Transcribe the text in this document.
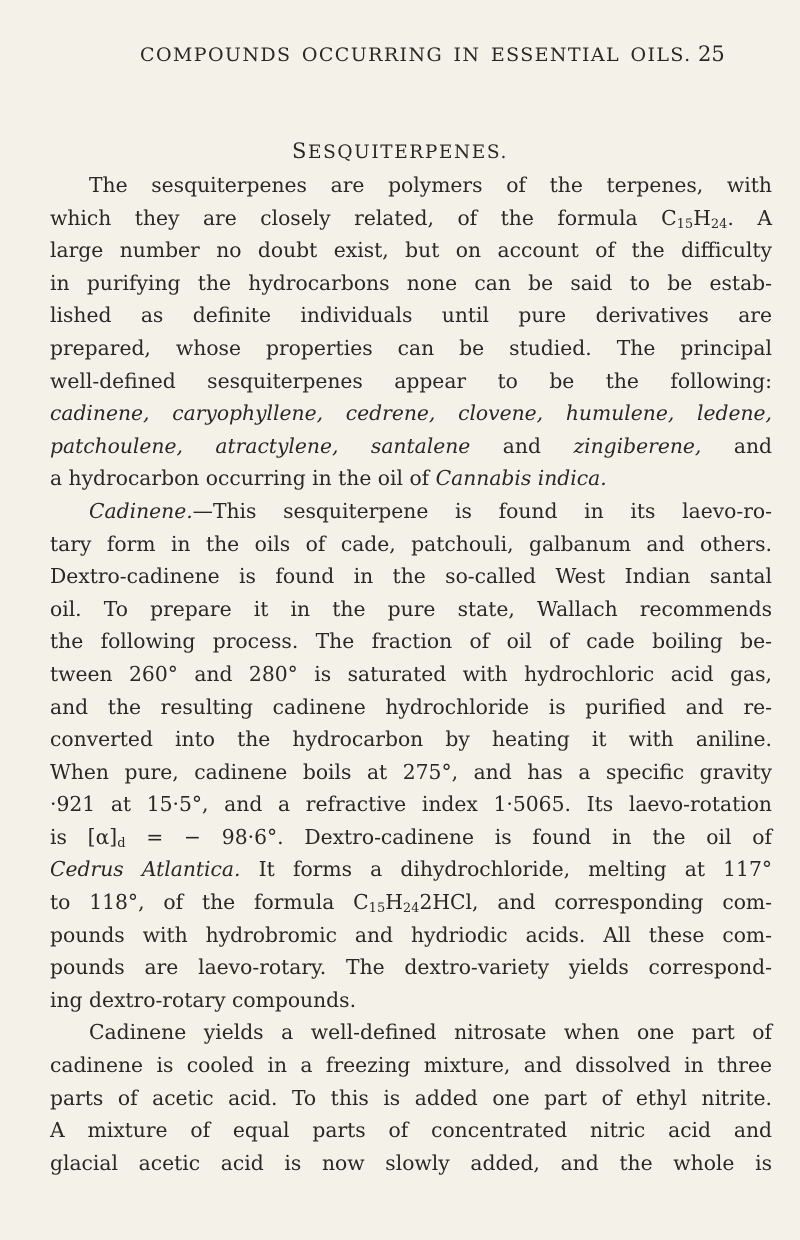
COMPOUNDS OCCURRING IN ESSENTIAL OILS. 25
SESQUITERPENES.
The sesquiterpenes are polymers of the terpenes, with
which they are closely related, of the formula $C_{15}H_{24}$. A
large number no doubt exist, but on account of the difficulty
in purifying the hydrocarbons none can be said to be estab-
lished as definite individuals until pure derivatives are
prepared, whose properties can be studied. The principal
well-defined sesquiterpenes appear to be the following:
cadinene, caryophyllene, cedrene, clovene, humulene, ledene,
patchoulene, atractylene, santalene and zingiberene, and
a hydrocarbon occurring in the oil of Cannabis indica.
Cadinene.—This sesquiterpene is found in its laevo-ro-
tary form in the oils of cade, patchouli, galbanum and others.
Dextro-cadinene is found in the so-called West Indian santal
oil. To prepare it in the pure state, Wallach recommends
the following process. The fraction of oil of cade boiling be-
tween 260° and 280° is saturated with hydrochloric acid gas,
and the resulting cadinene hydrochloride is purified and re-
converted into the hydrocarbon by heating it with aniline.
When pure, cadinene boils at 275°, and has a specific gravity
·921 at 15·5°, and a refractive index 1·5065. Its laevo-rotation
is $[\alpha]_d$ = − 98·6°. Dextro-cadinene is found in the oil of
Cedrus Atlantica. It forms a dihydrochloride, melting at 117°
to 118°, of the formula $C_{15}H_{24}2HCl$, and corresponding com-
pounds with hydrobromic and hydriodic acids. All these com-
pounds are laevo-rotary. The dextro-variety yields correspond-
ing dextro-rotary compounds.
Cadinene yields a well-defined nitrosate when one part of
cadinene is cooled in a freezing mixture, and dissolved in three
parts of acetic acid. To this is added one part of ethyl nitrite.
A mixture of equal parts of concentrated nitric acid and
glacial acetic acid is now slowly added, and the whole is
